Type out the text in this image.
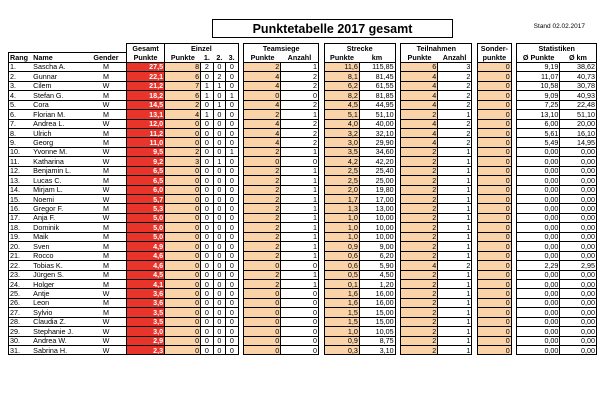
Punktetabelle 2017 gesamt	Stand 02.02.2017
			Gesamt	Einzel					Teamsiege			Strecke			Teilnahmen			Sonder-		Statistiken	
Rang	Name	Gender	Punkte	Punkte	1.	2.	3.		Punkte	Anzahl		Punkte	km		Punkte	Anzahl		punkte		Ø Punkte	Ø km
1.	Sascha A.	M	27,5	8	2	0	0		2	1		11,6	115,85		6	3		0		9,19	38,62
2.	Gunnar	M	22,1	6	0	2	0		4	2		8,1	81,45		4	2		0		11,07	40,73
3.	Cilem	W	21,2	7	1	1	0		4	2		6,2	61,55		4	2		0		10,58	30,78
4.	Stefan G.	M	18,2	6	1	0	1		0	0		8,2	81,85		4	2		0		9,09	40,93
5.	Cora	W	14,5	2	0	1	0		4	2		4,5	44,95		4	2		0		7,25	22,48
6.	Florian M.	M	13,1	4	1	0	0		2	1		5,1	51,10		2	1		0		13,10	51,10
7.	Andrea L.	W	12,0	0	0	0	0		4	2		4,0	40,00		4	2		0		6,00	20,00
8.	Ulrich	M	11,2	0	0	0	0		4	2		3,2	32,10		4	2		0		5,61	16,10
9.	Georg	M	11,0	0	0	0	0		4	2		3,0	29,90		4	2		0		5,49	14,95
10.	Yvonne M.	W	9,5	2	0	0	1		2	1		3,5	34,60		2	1		0		0,00	0,00
11.	Katharina	W	9,2	3	0	1	0		0	0		4,2	42,20		2	1		0		0,00	0,00
12.	Benjamin L.	M	6,5	0	0	0	0		2	1		2,5	25,40		2	1		0		0,00	0,00
13.	Lucas C.	M	6,5	0	0	0	0		2	1		2,5	25,00		2	1		0		0,00	0,00
14.	Mirjam L.	W	6,0	0	0	0	0		2	1		2,0	19,80		2	1		0		0,00	0,00
15.	Noemi	W	5,7	0	0	0	0		2	1		1,7	17,00		2	1		0		0,00	0,00
16.	Gregor F.	M	5,3	0	0	0	0		2	1		1,3	13,00		2	1		0		0,00	0,00
17.	Anja F.	W	5,0	0	0	0	0		2	1		1,0	10,00		2	1		0		0,00	0,00
18.	Dominik	M	5,0	0	0	0	0		2	1		1,0	10,00		2	1		0		0,00	0,00
19.	Maik	M	5,0	0	0	0	0		2	1		1,0	10,00		2	1		0		0,00	0,00
20.	Sven	M	4,9	0	0	0	0		2	1		0,9	9,00		2	1		0		0,00	0,00
21.	Rocco	M	4,6	0	0	0	0		2	1		0,6	6,20		2	1		0		0,00	0,00
22.	Tobias K.	M	4,6	0	0	0	0		0	0		0,6	5,90		4	2		0		2,29	2,95
23.	Jürgen S.	M	4,5	0	0	0	0		2	1		0,5	4,50		2	1		0		0,00	0,00
24.	Holger	M	4,1	0	0	0	0		2	1		0,1	1,20		2	1		0		0,00	0,00
25.	Antje	W	3,6	0	0	0	0		0	0		1,6	16,00		2	1		0		0,00	0,00
26.	Leon	M	3,6	0	0	0	0		0	0		1,6	16,00		2	1		0		0,00	0,00
27.	Sylvio	M	3,5	0	0	0	0		0	0		1,5	15,00		2	1		0		0,00	0,00
28.	Claudia Z.	W	3,5	0	0	0	0		0	0		1,5	15,00		2	1		0		0,00	0,00
29.	Stephanie J.	W	3,0	0	0	0	0		0	0		1,0	10,05		2	1		0		0,00	0,00
30.	Andrea W.	W	2,9	0	0	0	0		0	0		0,9	8,75		2	1		0		0,00	0,00
31.	Sabrina H.	W	2,3	0	0	0	0		0	0		0,3	3,10		2	1		0		0,00	0,00
